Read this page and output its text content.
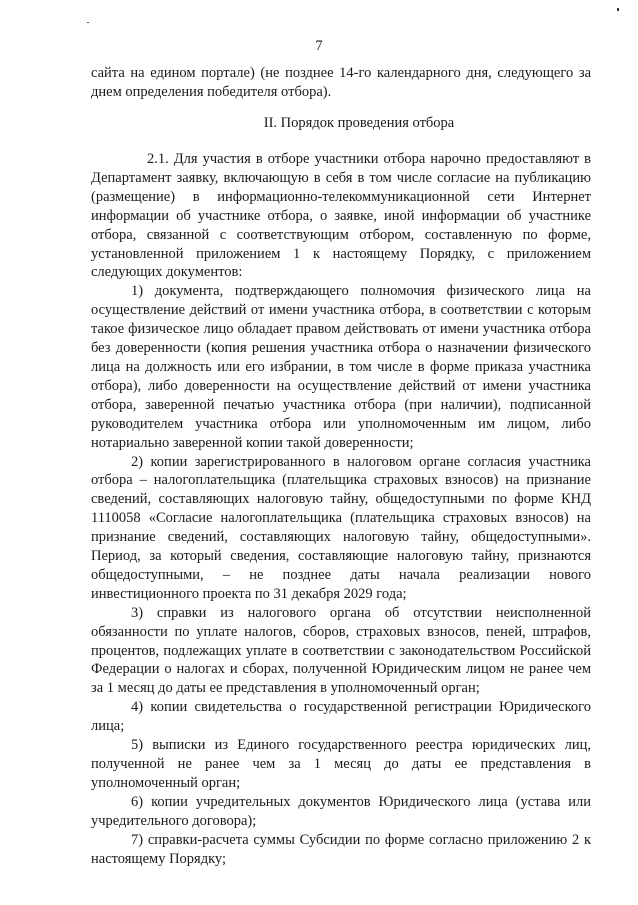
7

сайта на едином портале) (не позднее 14-го календарного дня, следующего за днем определения победителя отбора).

II. Порядок проведения отбора

2.1. Для участия в отборе участники отбора нарочно предоставляют в Департамент заявку, включающую в себя в том числе согласие на публикацию (размещение) в информационно-телекоммуникационной сети Интернет информации об участнике отбора, о заявке, иной информации об участнике отбора, связанной с соответствующим отбором, составленную по форме, установленной приложением 1 к настоящему Порядку, с приложением следующих документов:

1) документа, подтверждающего полномочия физического лица на осуществление действий от имени участника отбора, в соответствии с которым такое физическое лицо обладает правом действовать от имени участника отбора без доверенности (копия решения участника отбора о назначении физического лица на должность или его избрании, в том числе в форме приказа участника отбора), либо доверенности на осуществление действий от имени участника отбора, заверенной печатью участника отбора (при наличии), подписанной руководителем участника отбора или уполномоченным им лицом, либо нотариально заверенной копии такой доверенности;

2) копии зарегистрированного в налоговом органе согласия участника отбора – налогоплательщика (плательщика страховых взносов) на признание сведений, составляющих налоговую тайну, общедоступными по форме КНД 1110058 «Согласие налогоплательщика (плательщика страховых взносов) на признание сведений, составляющих налоговую тайну, общедоступными». Период, за который сведения, составляющие налоговую тайну, признаются общедоступными, – не позднее даты начала реализации нового инвестиционного проекта по 31 декабря 2029 года;

3) справки из налогового органа об отсутствии неисполненной обязанности по уплате налогов, сборов, страховых взносов, пеней, штрафов, процентов, подлежащих уплате в соответствии с законодательством Российской Федерации о налогах и сборах, полученной Юридическим лицом не ранее чем за 1 месяц до даты ее представления в уполномоченный орган;

4) копии свидетельства о государственной регистрации Юридического лица;

5) выписки из Единого государственного реестра юридических лиц, полученной не ранее чем за 1 месяц до даты ее представления в уполномоченный орган;

6) копии учредительных документов Юридического лица (устава или учредительного договора);

7) справки-расчета суммы Субсидии по форме согласно приложению 2 к настоящему Порядку;
